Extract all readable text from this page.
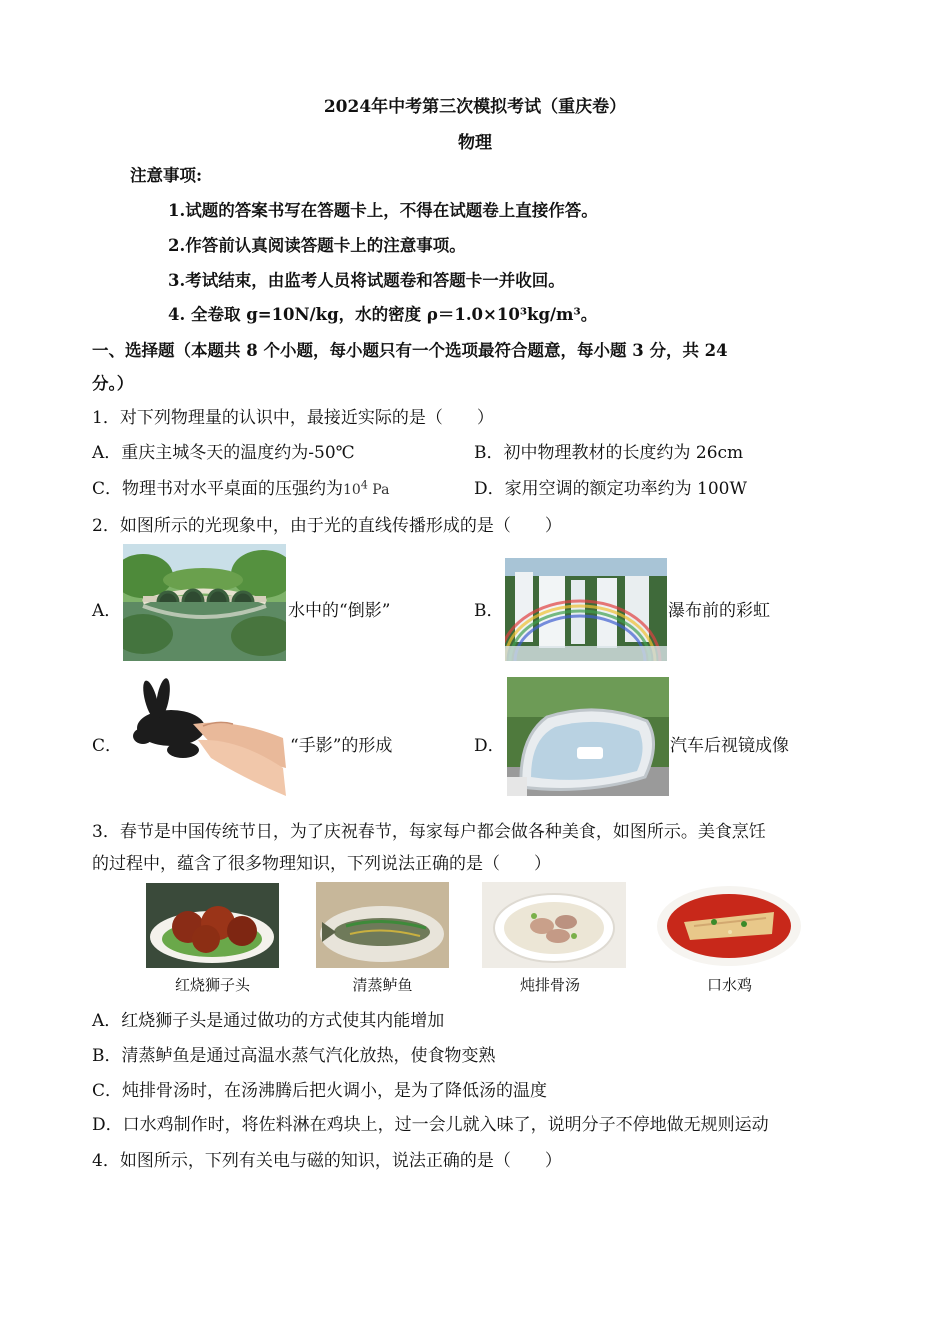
2024年中考第三次模拟考试（重庆卷）
物理
注意事项:
1.试题的答案书写在答题卡上，不得在试题卷上直接作答。
2.作答前认真阅读答题卡上的注意事项。
3.考试结束，由监考人员将试题卷和答题卡一并收回。
4. 全卷取 g=10N/kg，水的密度 ρ＝1.0×10³kg/m³。
一、选择题（本题共 8 个小题，每小题只有一个选项最符合题意，每小题 3 分，共 24
分。）
1．对下列物理量的认识中，最接近实际的是（　　）
A．重庆主城冬天的温度约为-50℃	B．初中物理教材的长度约为 26cm
C．物理书对水平桌面的压强约为$10^4$ Pa	D．家用空调的额定功率约为 100W
2．如图所示的光现象中，由于光的直线传播形成的是（　　）
A．	水中的“倒影”	B．	瀑布前的彩虹
C．	“手影”的形成	D．	汽车后视镜成像
3．春节是中国传统节日，为了庆祝春节，每家每户都会做各种美食，如图所示。美食烹饪
的过程中，蕴含了很多物理知识，下列说法正确的是（　　）
红烧狮子头	清蒸鲈鱼	炖排骨汤	口水鸡
A．红烧狮子头是通过做功的方式使其内能增加
B．清蒸鲈鱼是通过高温水蒸气汽化放热，使食物变熟
C．炖排骨汤时，在汤沸腾后把火调小，是为了降低汤的温度
D．口水鸡制作时，将佐料淋在鸡块上，过一会儿就入味了，说明分子不停地做无规则运动
4．如图所示，下列有关电与磁的知识，说法正确的是（　　）
